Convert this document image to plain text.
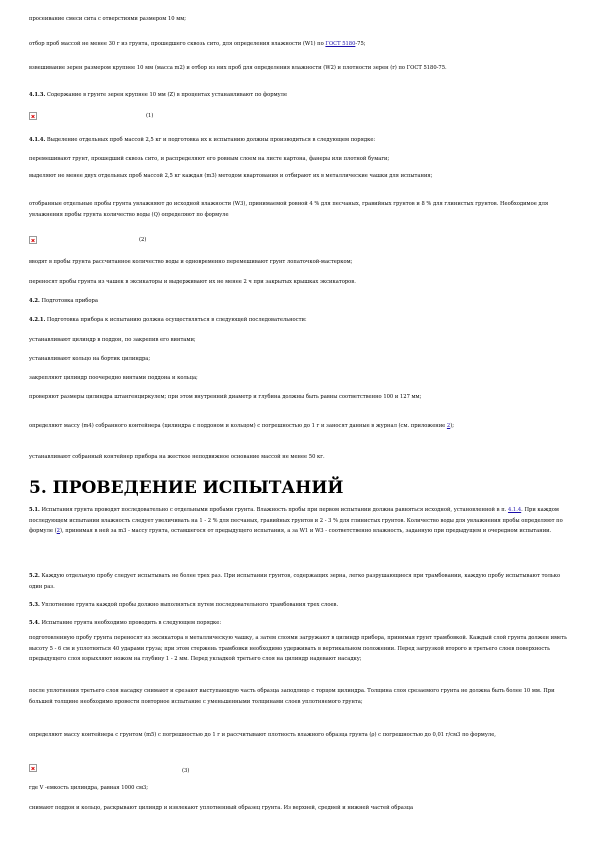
просеивание смеси сита с отверстиями размером 10 мм;

отбор проб массой не менее 30 г из грунта, прошедшего сквозь сито, для определения влажности (W1) по ГОСТ 5180-75;

взвешивание зерен размером крупнее 10 мм (масса m2) и отбор из них проб для определения влажности (W2) и плотности зерен (r) по ГОСТ 5180-75.

4.1.3. Содержание в грунте зерен крупнее 10 мм (Z) в процентах устанавливают по формуле

(1)

4.1.4. Выделение отдельных проб массой 2,5 кг и подготовка их к испытанию должны производиться в следующем порядке:

перемешивают грунт, прошедший сквозь сито, и распределяют его ровным слоем на листе картона, фанеры или плотной бумаги;

выделяют не менее двух отдельных проб массой 2,5 кг каждая (m3) методом квартования и отбирают их в металлические чашки для испытания;

отобранные отдельные пробы грунта увлажняют до исходной влажности (W3), принимаемой ровной 4 % для песчаных, гравийных грунтов и 8 % для глинистых грунтов. Необходимое для увлажнения пробы грунта количество воды (Q) определяют по формуле

(2)

вводят в пробы грунта рассчитанное количество воды и одновременно перемешивают грунт лопаточкой-мастерком;

переносят пробы грунта из чашек в эксикаторы и выдерживают их не менее 2 ч при закрытых крышках эксикаторов.

4.2. Подготовка прибора

4.2.1. Подготовка прибора к испытанию должна осуществляться в следующей последовательности:

устанавливают цилиндр в поддон, по закрепив его винтами;

устанавливают кольцо на бортик цилиндра;

закрепляют цилиндр поочередно винтами поддона и кольца;

проверяют размеры цилиндра штангенциркулем; при этом внутренний диаметр и глубина должны быть равны соответственно 100 и 127 мм;

определяют массу (m4) собранного контейнера (цилиндра с поддоном и кольцом) с погрешностью до 1 г и заносят данные в журнал (см. приложение 2);

устанавливают собранный контейнер прибора на жесткое неподвижное основание массой не менее 50 кг.

5. ПРОВЕДЕНИЕ ИСПЫТАНИЙ

5.1. Испытания грунта проводят последовательно с отдельными пробами грунта. Влажность пробы при первом испытании должна равняться исходной, установленной в п. 4.1.4. При каждом последующем испытании влажность следует увеличивать на 1 - 2 % для песчаных, гравийных грунтов и 2 - 3 % для глинистых грунтов. Количество воды для увлажнения пробы определяют по формуле (2), принимая в ней за m3 - массу грунта, оставшегося от предыдущего испытания, а за W1 и W3 - соответственно влажность, заданную при предыдущем и очередном испытании.

5.2. Каждую отдельную пробу следует испытывать не более трех раз. При испытании грунтов, содержащих зерна, легко разрушающиеся при трамбовании, каждую пробу испытывают только один раз.

5.3. Уплотнение грунта каждой пробы должно выполняться путем последовательного трамбования трех слоев.

5.4. Испытание грунта необходимо проводить в следующем порядке:

подготовленную пробу грунта переносят из эксикатора в металлическую чашку, а затем слоями загружают в цилиндр прибора, принимая грунт трамбовкой. Каждый слой грунта должен иметь высоту 5 - 6 см и уплотняться 40 ударами груза; при этом стержень трамбовки необходимо удерживать в вертикальном положении. Перед загрузкой второго и третьего слоев поверхность предыдущего слоя взрыхляют ножом на глубину 1 - 2 мм. Перед укладкой третьего слоя на цилиндр надевают насадку;

после уплотнения третьего слоя насадку снимают и срезают выступающую часть образца заподлицо с торцом цилиндра. Толщина слоя срезаемого грунта не должна быть более 10 мм. При большей толщине необходимо провести повторное испытание с уменьшенными толщинами слоев уплотняемого грунта;

определяют массу контейнера с грунтом (m5) с погрешностью до 1 г и рассчитывают плотность влажного образца грунта (ρ) с погрешностью до 0,01 г/см3 по формуле,

(3)

где V -емкость цилиндра, равная 1000 см3;

снимают поддон и кольцо, раскрывают цилиндр и извлекают уплотненный образец грунта. Из верхней, средней и нижней частей образца
